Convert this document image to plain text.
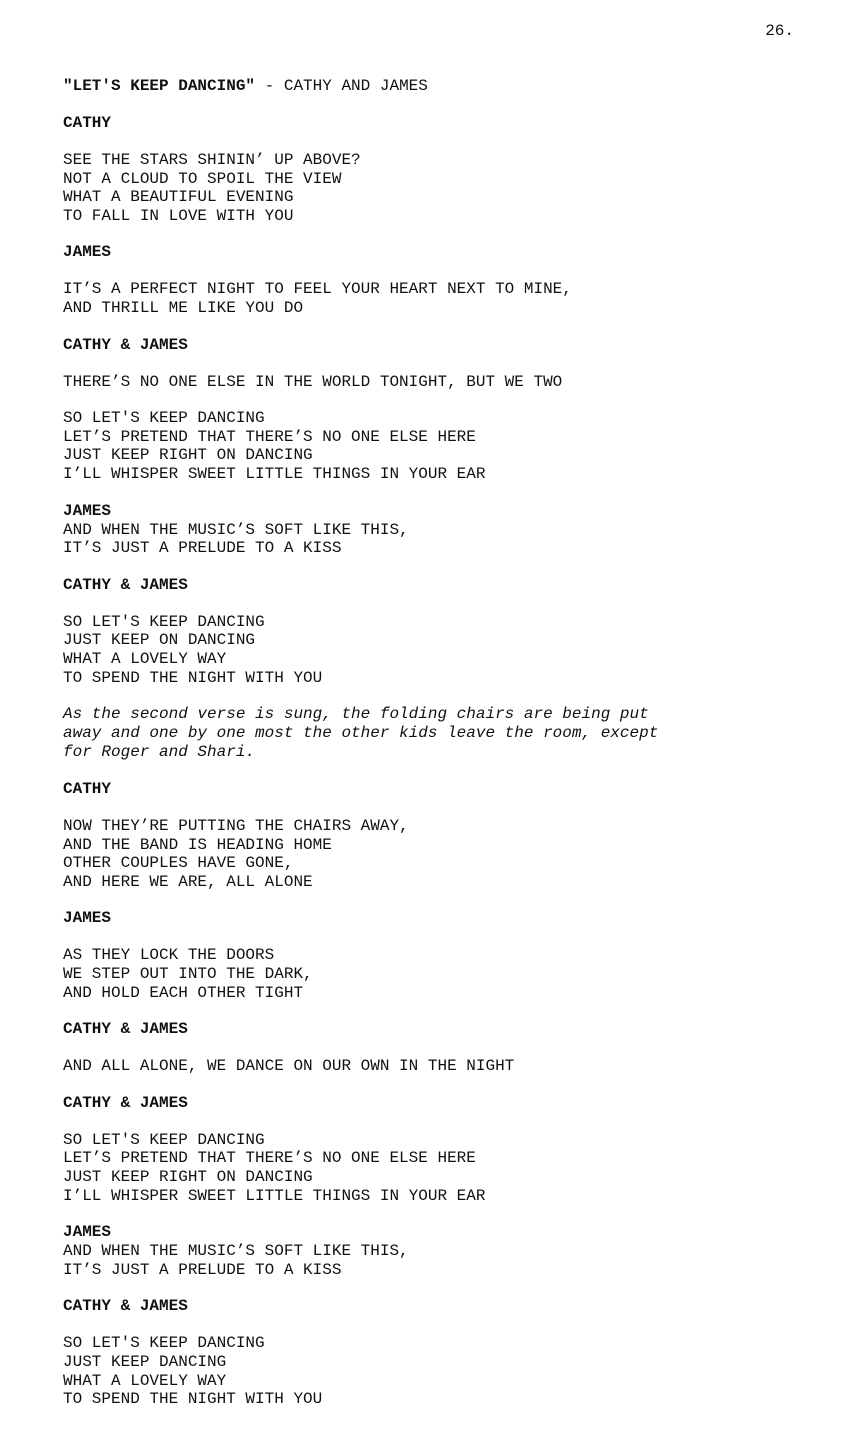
26.
"LET'S KEEP DANCING" - CATHY AND JAMES
CATHY
SEE THE STARS SHININ’ UP ABOVE?
NOT A CLOUD TO SPOIL THE VIEW
WHAT A BEAUTIFUL EVENING
TO FALL IN LOVE WITH YOU
JAMES
IT’S A PERFECT NIGHT TO FEEL YOUR HEART NEXT TO MINE,
AND THRILL ME LIKE YOU DO
CATHY & JAMES
THERE’S NO ONE ELSE IN THE WORLD TONIGHT, BUT WE TWO
SO LET'S KEEP DANCING
LET’S PRETEND THAT THERE’S NO ONE ELSE HERE
JUST KEEP RIGHT ON DANCING
I’LL WHISPER SWEET LITTLE THINGS IN YOUR EAR
JAMES
AND WHEN THE MUSIC’S SOFT LIKE THIS,
IT’S JUST A PRELUDE TO A KISS
CATHY & JAMES
SO LET'S KEEP DANCING
JUST KEEP ON DANCING
WHAT A LOVELY WAY
TO SPEND THE NIGHT WITH YOU
As the second verse is sung, the folding chairs are being put
away and one by one most the other kids leave the room, except
for Roger and Shari.
CATHY
NOW THEY’RE PUTTING THE CHAIRS AWAY,
AND THE BAND IS HEADING HOME
OTHER COUPLES HAVE GONE,
AND HERE WE ARE, ALL ALONE
JAMES
AS THEY LOCK THE DOORS
WE STEP OUT INTO THE DARK,
AND HOLD EACH OTHER TIGHT
CATHY & JAMES
AND ALL ALONE, WE DANCE ON OUR OWN IN THE NIGHT
CATHY & JAMES
SO LET'S KEEP DANCING
LET’S PRETEND THAT THERE’S NO ONE ELSE HERE
JUST KEEP RIGHT ON DANCING
I’LL WHISPER SWEET LITTLE THINGS IN YOUR EAR
JAMES
AND WHEN THE MUSIC’S SOFT LIKE THIS,
IT’S JUST A PRELUDE TO A KISS
CATHY & JAMES
SO LET'S KEEP DANCING
JUST KEEP DANCING
WHAT A LOVELY WAY
TO SPEND THE NIGHT WITH YOU
